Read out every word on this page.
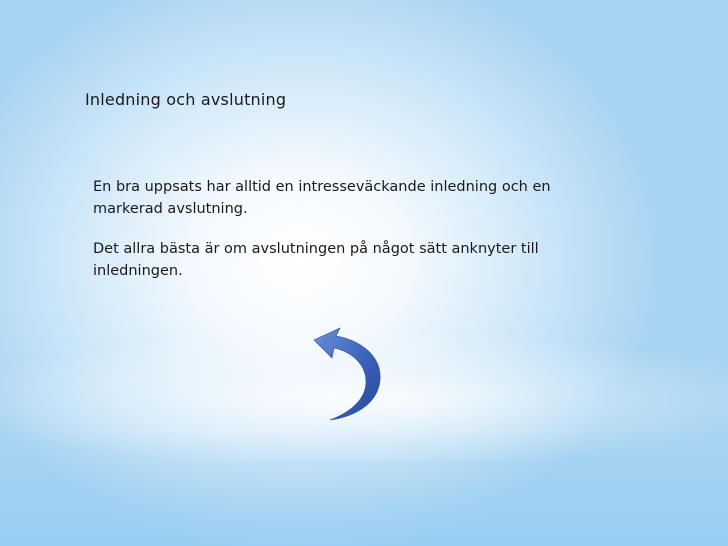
Inledning och avslutning

En bra uppsats har alltid en intresseväckande inledning och en markerad avslutning.

Det allra bästa är om avslutningen på något sätt anknyter till inledningen.
